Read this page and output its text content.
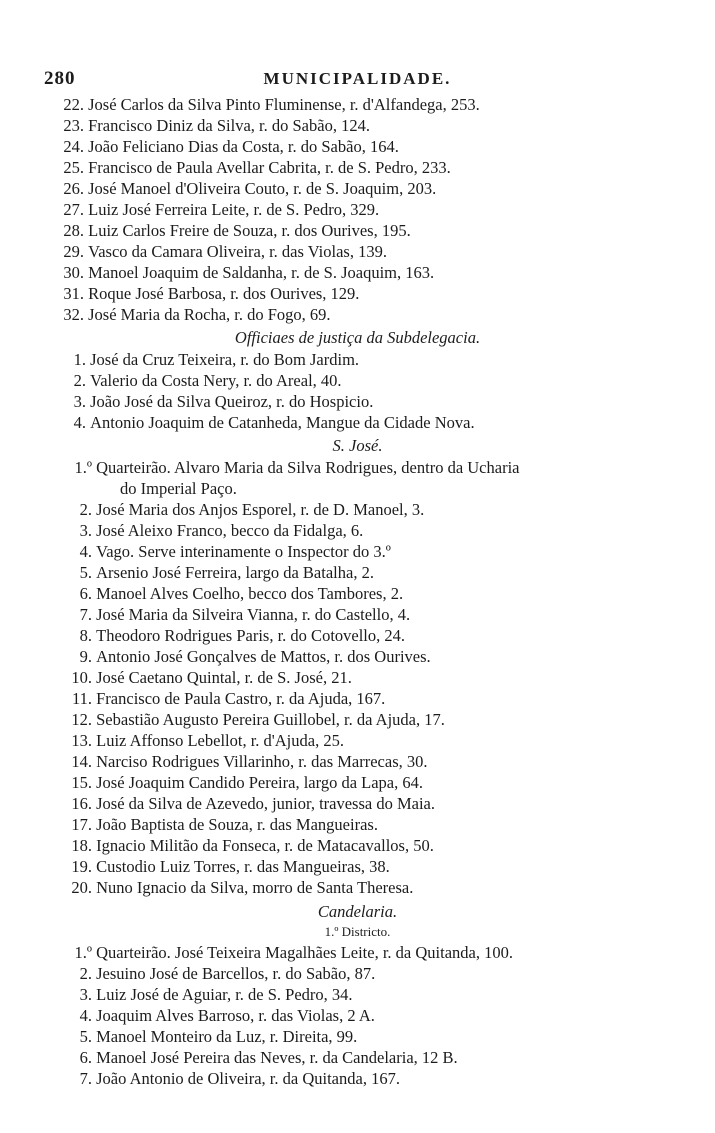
280	MUNICIPALIDADE.
22. José Carlos da Silva Pinto Fluminense, r. d'Alfandega, 253.
23. Francisco Diniz da Silva, r. do Sabão, 124.
24. João Feliciano Dias da Costa, r. do Sabão, 164.
25. Francisco de Paula Avellar Cabrita, r. de S. Pedro, 233.
26. José Manoel d'Oliveira Couto, r. de S. Joaquim, 203.
27. Luiz José Ferreira Leite, r. de S. Pedro, 329.
28. Luiz Carlos Freire de Souza, r. dos Ourives, 195.
29. Vasco da Camara Oliveira, r. das Violas, 139.
30. Manoel Joaquim de Saldanha, r. de S. Joaquim, 163.
31. Roque José Barbosa, r. dos Ourives, 129.
32. José Maria da Rocha, r. do Fogo, 69.
Officiaes de justiça da Subdelegacia.
1. José da Cruz Teixeira, r. do Bom Jardim.
2. Valerio da Costa Nery, r. do Areal, 40.
3. João José da Silva Queiroz, r. do Hospicio.
4. Antonio Joaquim de Catanheda, Mangue da Cidade Nova.
S. José.
1.º Quarteirão. Alvaro Maria da Silva Rodrigues, dentro da Ucharia
do Imperial Paço.
2. José Maria dos Anjos Esporel, r. de D. Manoel, 3.
3. José Aleixo Franco, becco da Fidalga, 6.
4. Vago. Serve interinamente o Inspector do 3.º
5. Arsenio José Ferreira, largo da Batalha, 2.
6. Manoel Alves Coelho, becco dos Tambores, 2.
7. José Maria da Silveira Vianna, r. do Castello, 4.
8. Theodoro Rodrigues Paris, r. do Cotovello, 24.
9. Antonio José Gonçalves de Mattos, r. dos Ourives.
10. José Caetano Quintal, r. de S. José, 21.
11. Francisco de Paula Castro, r. da Ajuda, 167.
12. Sebastião Augusto Pereira Guillobel, r. da Ajuda, 17.
13. Luiz Affonso Lebellot, r. d'Ajuda, 25.
14. Narciso Rodrigues Villarinho, r. das Marrecas, 30.
15. José Joaquim Candido Pereira, largo da Lapa, 64.
16. José da Silva de Azevedo, junior, travessa do Maia.
17. João Baptista de Souza, r. das Mangueiras.
18. Ignacio Militão da Fonseca, r. de Matacavallos, 50.
19. Custodio Luiz Torres, r. das Mangueiras, 38.
20. Nuno Ignacio da Silva, morro de Santa Theresa.
Candelaria.
1.º Districto.
1.º Quarteirão. José Teixeira Magalhães Leite, r. da Quitanda, 100.
2. Jesuino José de Barcellos, r. do Sabão, 87.
3. Luiz José de Aguiar, r. de S. Pedro, 34.
4. Joaquim Alves Barroso, r. das Violas, 2 A.
5. Manoel Monteiro da Luz, r. Direita, 99.
6. Manoel José Pereira das Neves, r. da Candelaria, 12 B.
7. João Antonio de Oliveira, r. da Quitanda, 167.
